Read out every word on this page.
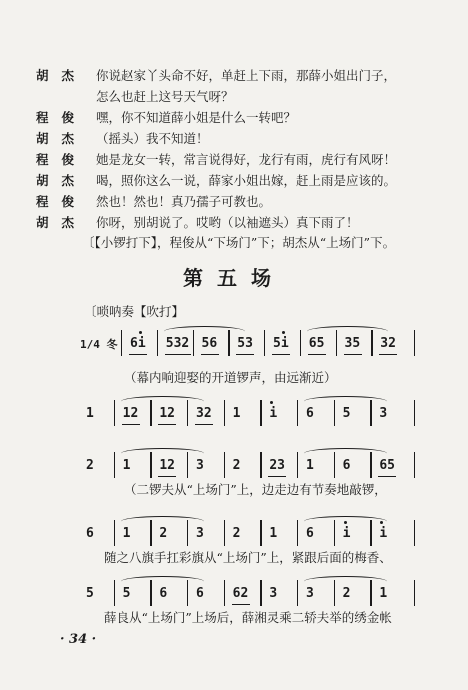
胡杰 你说赵家丫头命不好，单赶上下雨，那薛小姐出门子，
怎么也赶上这号天气呀？
程俊 嘿，你不知道薛小姐是什么一转吧？
胡杰 （摇头）我不知道！
程俊 她是龙女一转，常言说得好，龙行有雨，虎行有风呀！
胡杰 喝，照你这么一说，薛家小姐出嫁，赶上雨是应该的。
程俊 然也！然也！真乃孺子可教也。
胡杰 你呀，别胡说了。哎哟（以袖遮头）真下雨了！
〔【小锣打下】，程俊从“下场门”下；胡杰从“上场门”下。
第五场
〔唢呐奏【吹打】
1/4 冬 6i 532 56 53 5i 65 35 32
（幕内响迎娶的开道锣声，由远渐近）
1 12 12 32 1 i 6 5 3
2 1 12 3 2 23 1 6 65
（二锣夫从“上场门”上，边走边有节奏地敲锣，
6 1 2 3 2 1 6 i i
随之八旗手扛彩旗从“上场门”上，紧跟后面的梅香、
5 5 6 6 62 3 3 2 1
薛良从“上场门”上场后，薛湘灵乘二轿夫举的绣金帐
· 34 ·
